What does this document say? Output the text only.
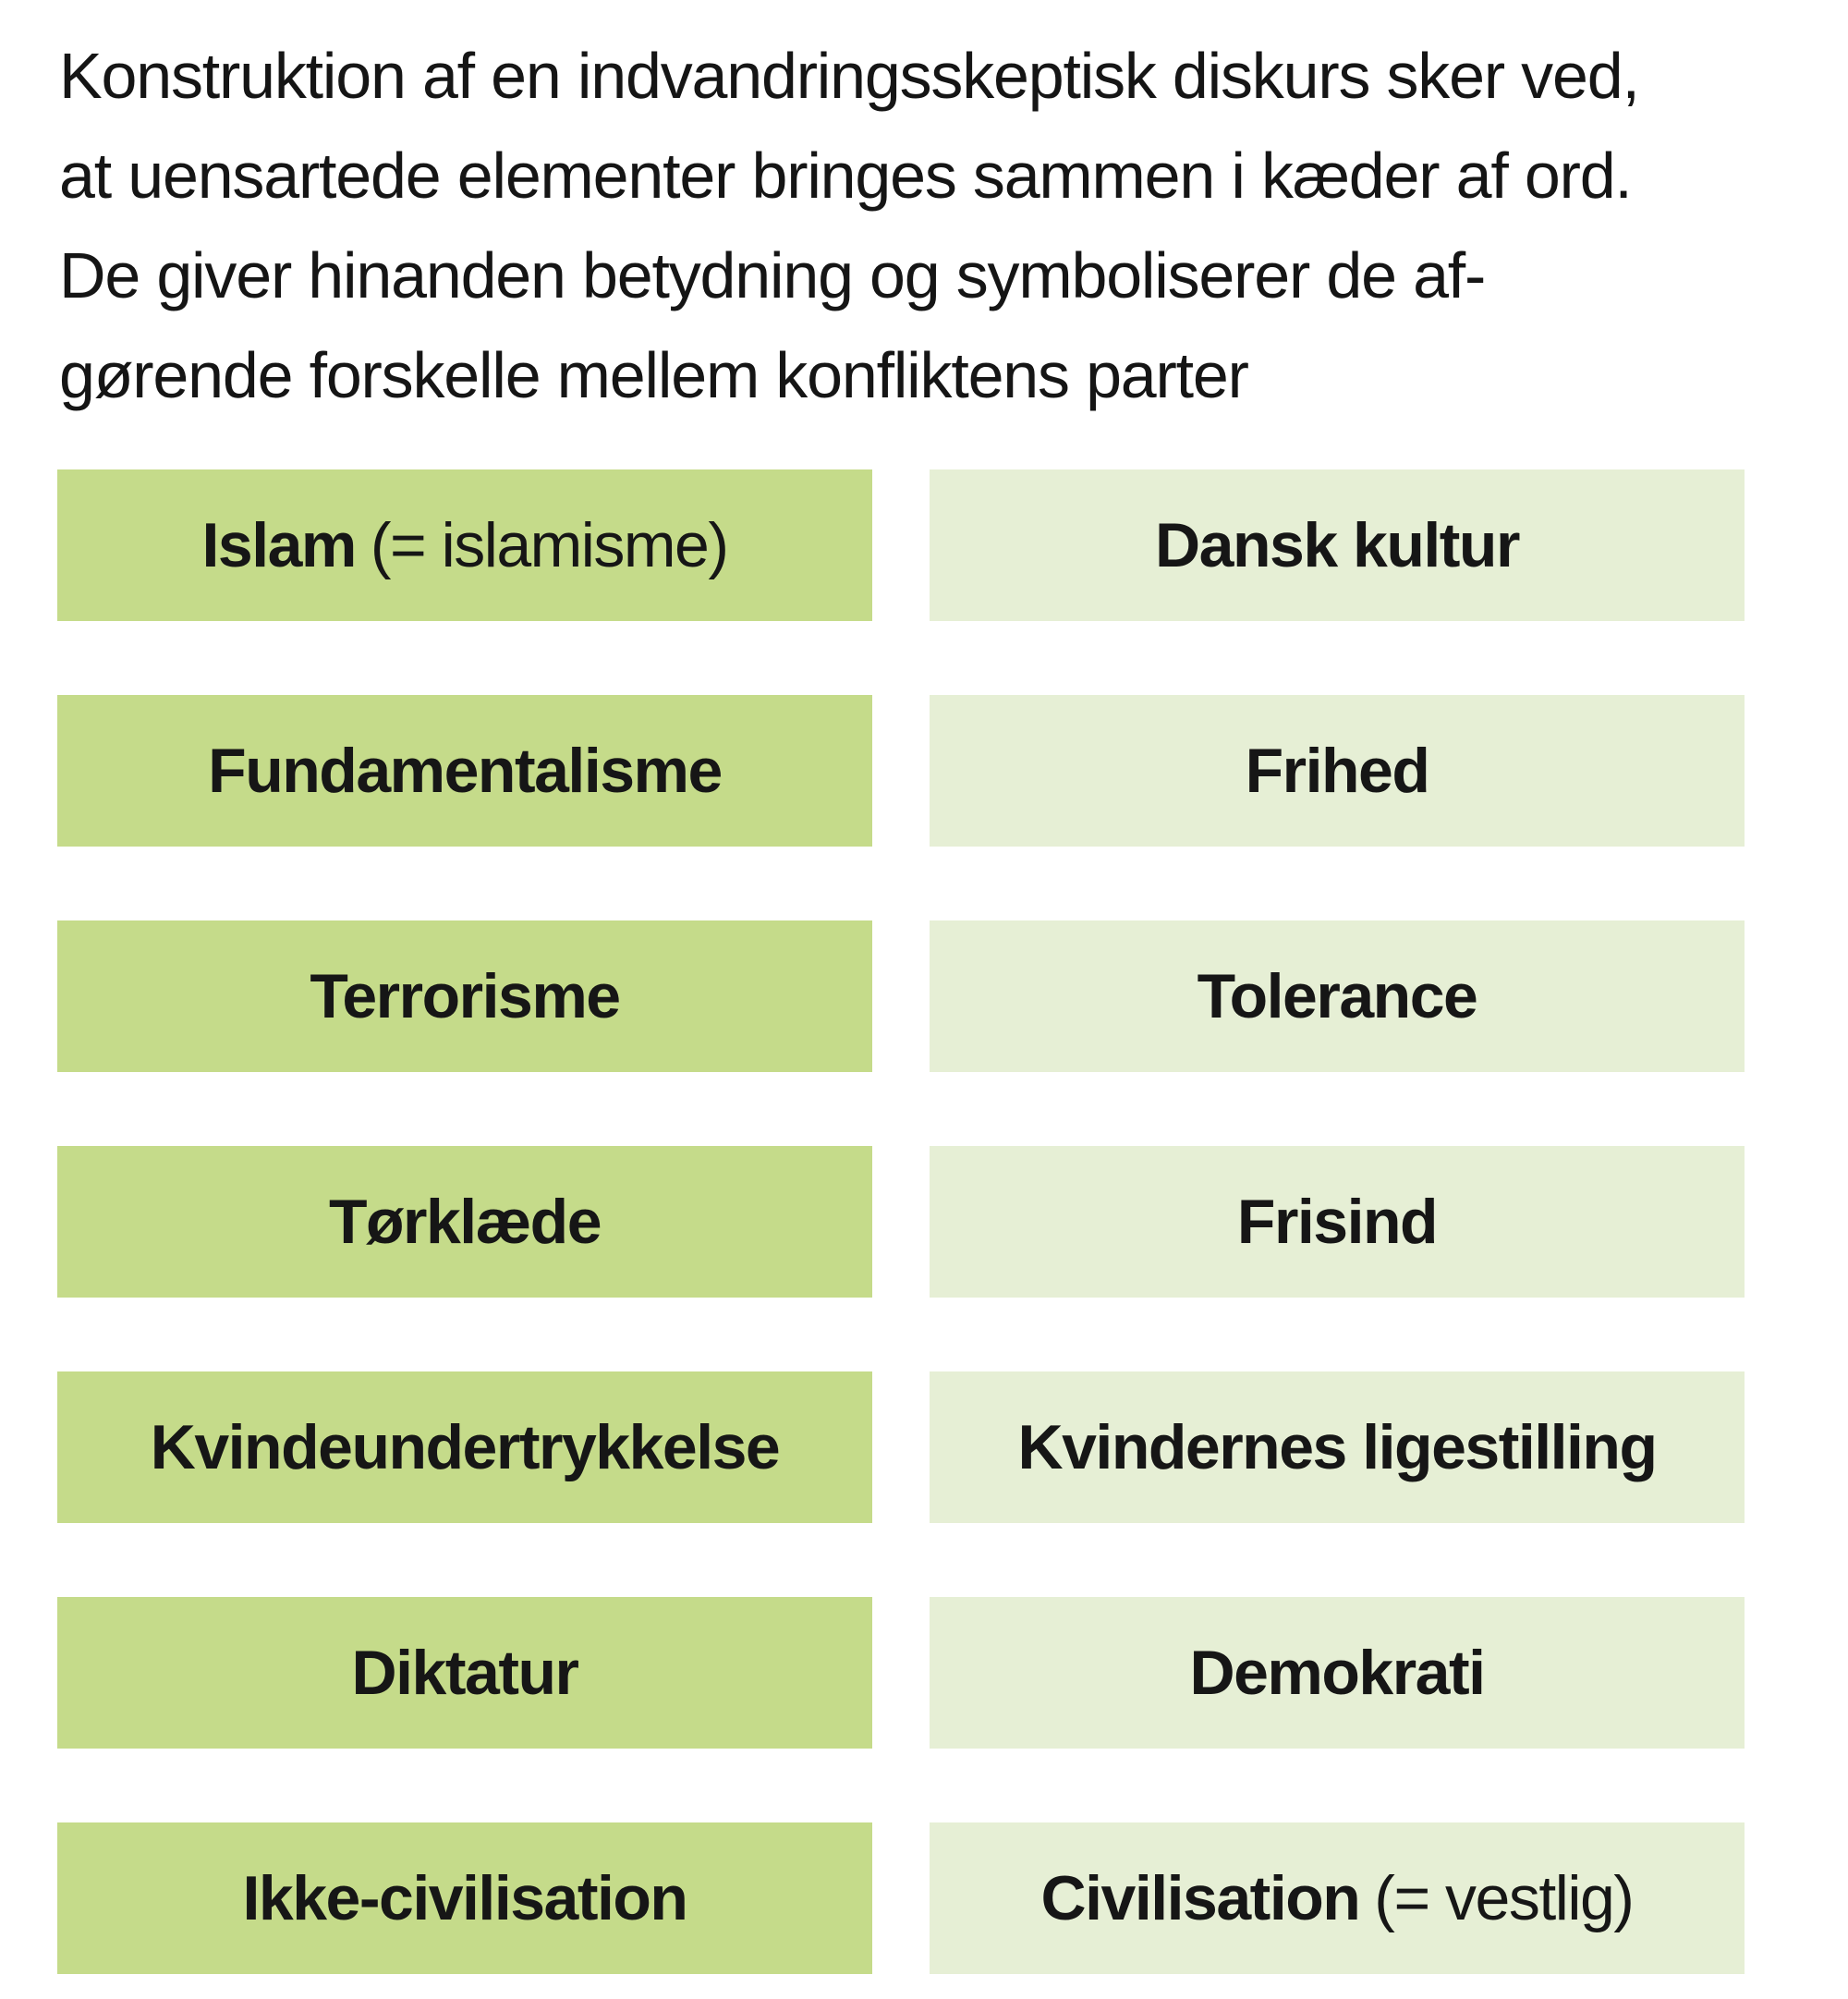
Konstruktion af en indvandringsskeptisk diskurs sker ved,
at uensartede elementer bringes sammen i kæder af ord.
De giver hinanden betydning og symboliserer de af-
gørende forskelle mellem konfliktens parter

Islam (= islamisme)	Dansk kultur
Fundamentalisme	Frihed
Terrorisme	Tolerance
Tørklæde	Frisind
Kvindeundertrykkelse	Kvindernes ligestilling
Diktatur	Demokrati
Ikke-civilisation	Civilisation (= vestlig)
